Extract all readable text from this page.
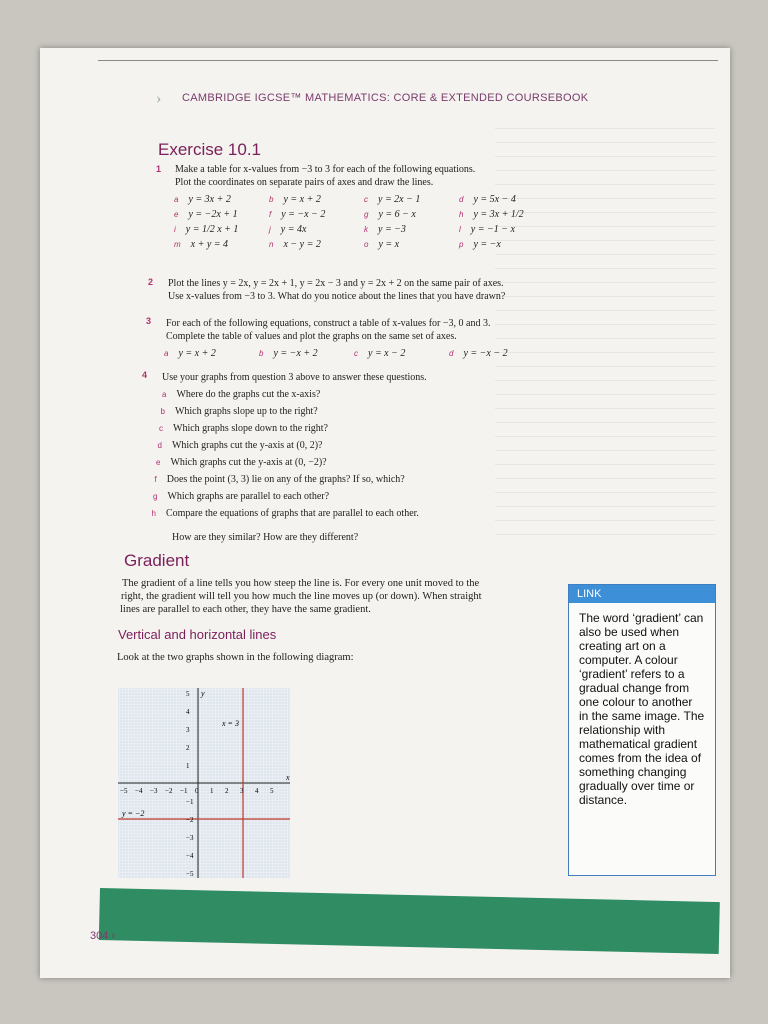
› CAMBRIDGE IGCSE™ MATHEMATICS: CORE & EXTENDED COURSEBOOK
Exercise 10.1
1 Make a table for x-values from −3 to 3 for each of the following equations.
Plot the coordinates on separate pairs of axes and draw the lines.
a y = 3x + 2	b y = x + 2	c y = 2x − 1	d y = 5x − 4
e y = −2x + 1	f y = −x − 2	g y = 6 − x	h y = 3x + 1/2
i y = 1/2 x + 1	j y = 4x	k y = −3	l y = −1 − x
m x + y = 4	n x − y = 2	o y = x	p y = −x
2 Plot the lines y = 2x, y = 2x + 1, y = 2x − 3 and y = 2x + 2 on the same pair of axes.
Use x-values from −3 to 3. What do you notice about the lines that you have drawn?
3 For each of the following equations, construct a table of x-values for −3, 0 and 3.
Complete the table of values and plot the graphs on the same set of axes.
a y = x + 2	b y = −x + 2	c y = x − 2	d y = −x − 2
4 Use your graphs from question 3 above to answer these questions.
a Where do the graphs cut the x-axis?
b Which graphs slope up to the right?
c Which graphs slope down to the right?
d Which graphs cut the y-axis at (0, 2)?
e Which graphs cut the y-axis at (0, −2)?
f Does the point (3, 3) lie on any of the graphs? If so, which?
g Which graphs are parallel to each other?
h Compare the equations of graphs that are parallel to each other.
How are they similar? How are they different?
Gradient
The gradient of a line tells you how steep the line is. For every one unit moved to the
right, the gradient will tell you how much the line moves up (or down). When straight
lines are parallel to each other, they have the same gradient.
Vertical and horizontal lines
Look at the two graphs shown in the following diagram:
x
y
x = 3
y = −2
−5 −4 −3 −2 −1 0 1 2 3 4 5
5
4
3
2
1
−1
−2
−3
−4
−5
LINK
The word ‘gradient’ can also be used when creating art on a computer. A colour ‘gradient’ refers to a gradual change from one colour to another in the same image. The relationship with mathematical gradient comes from the idea of something changing gradually over time or distance.
304 ›
